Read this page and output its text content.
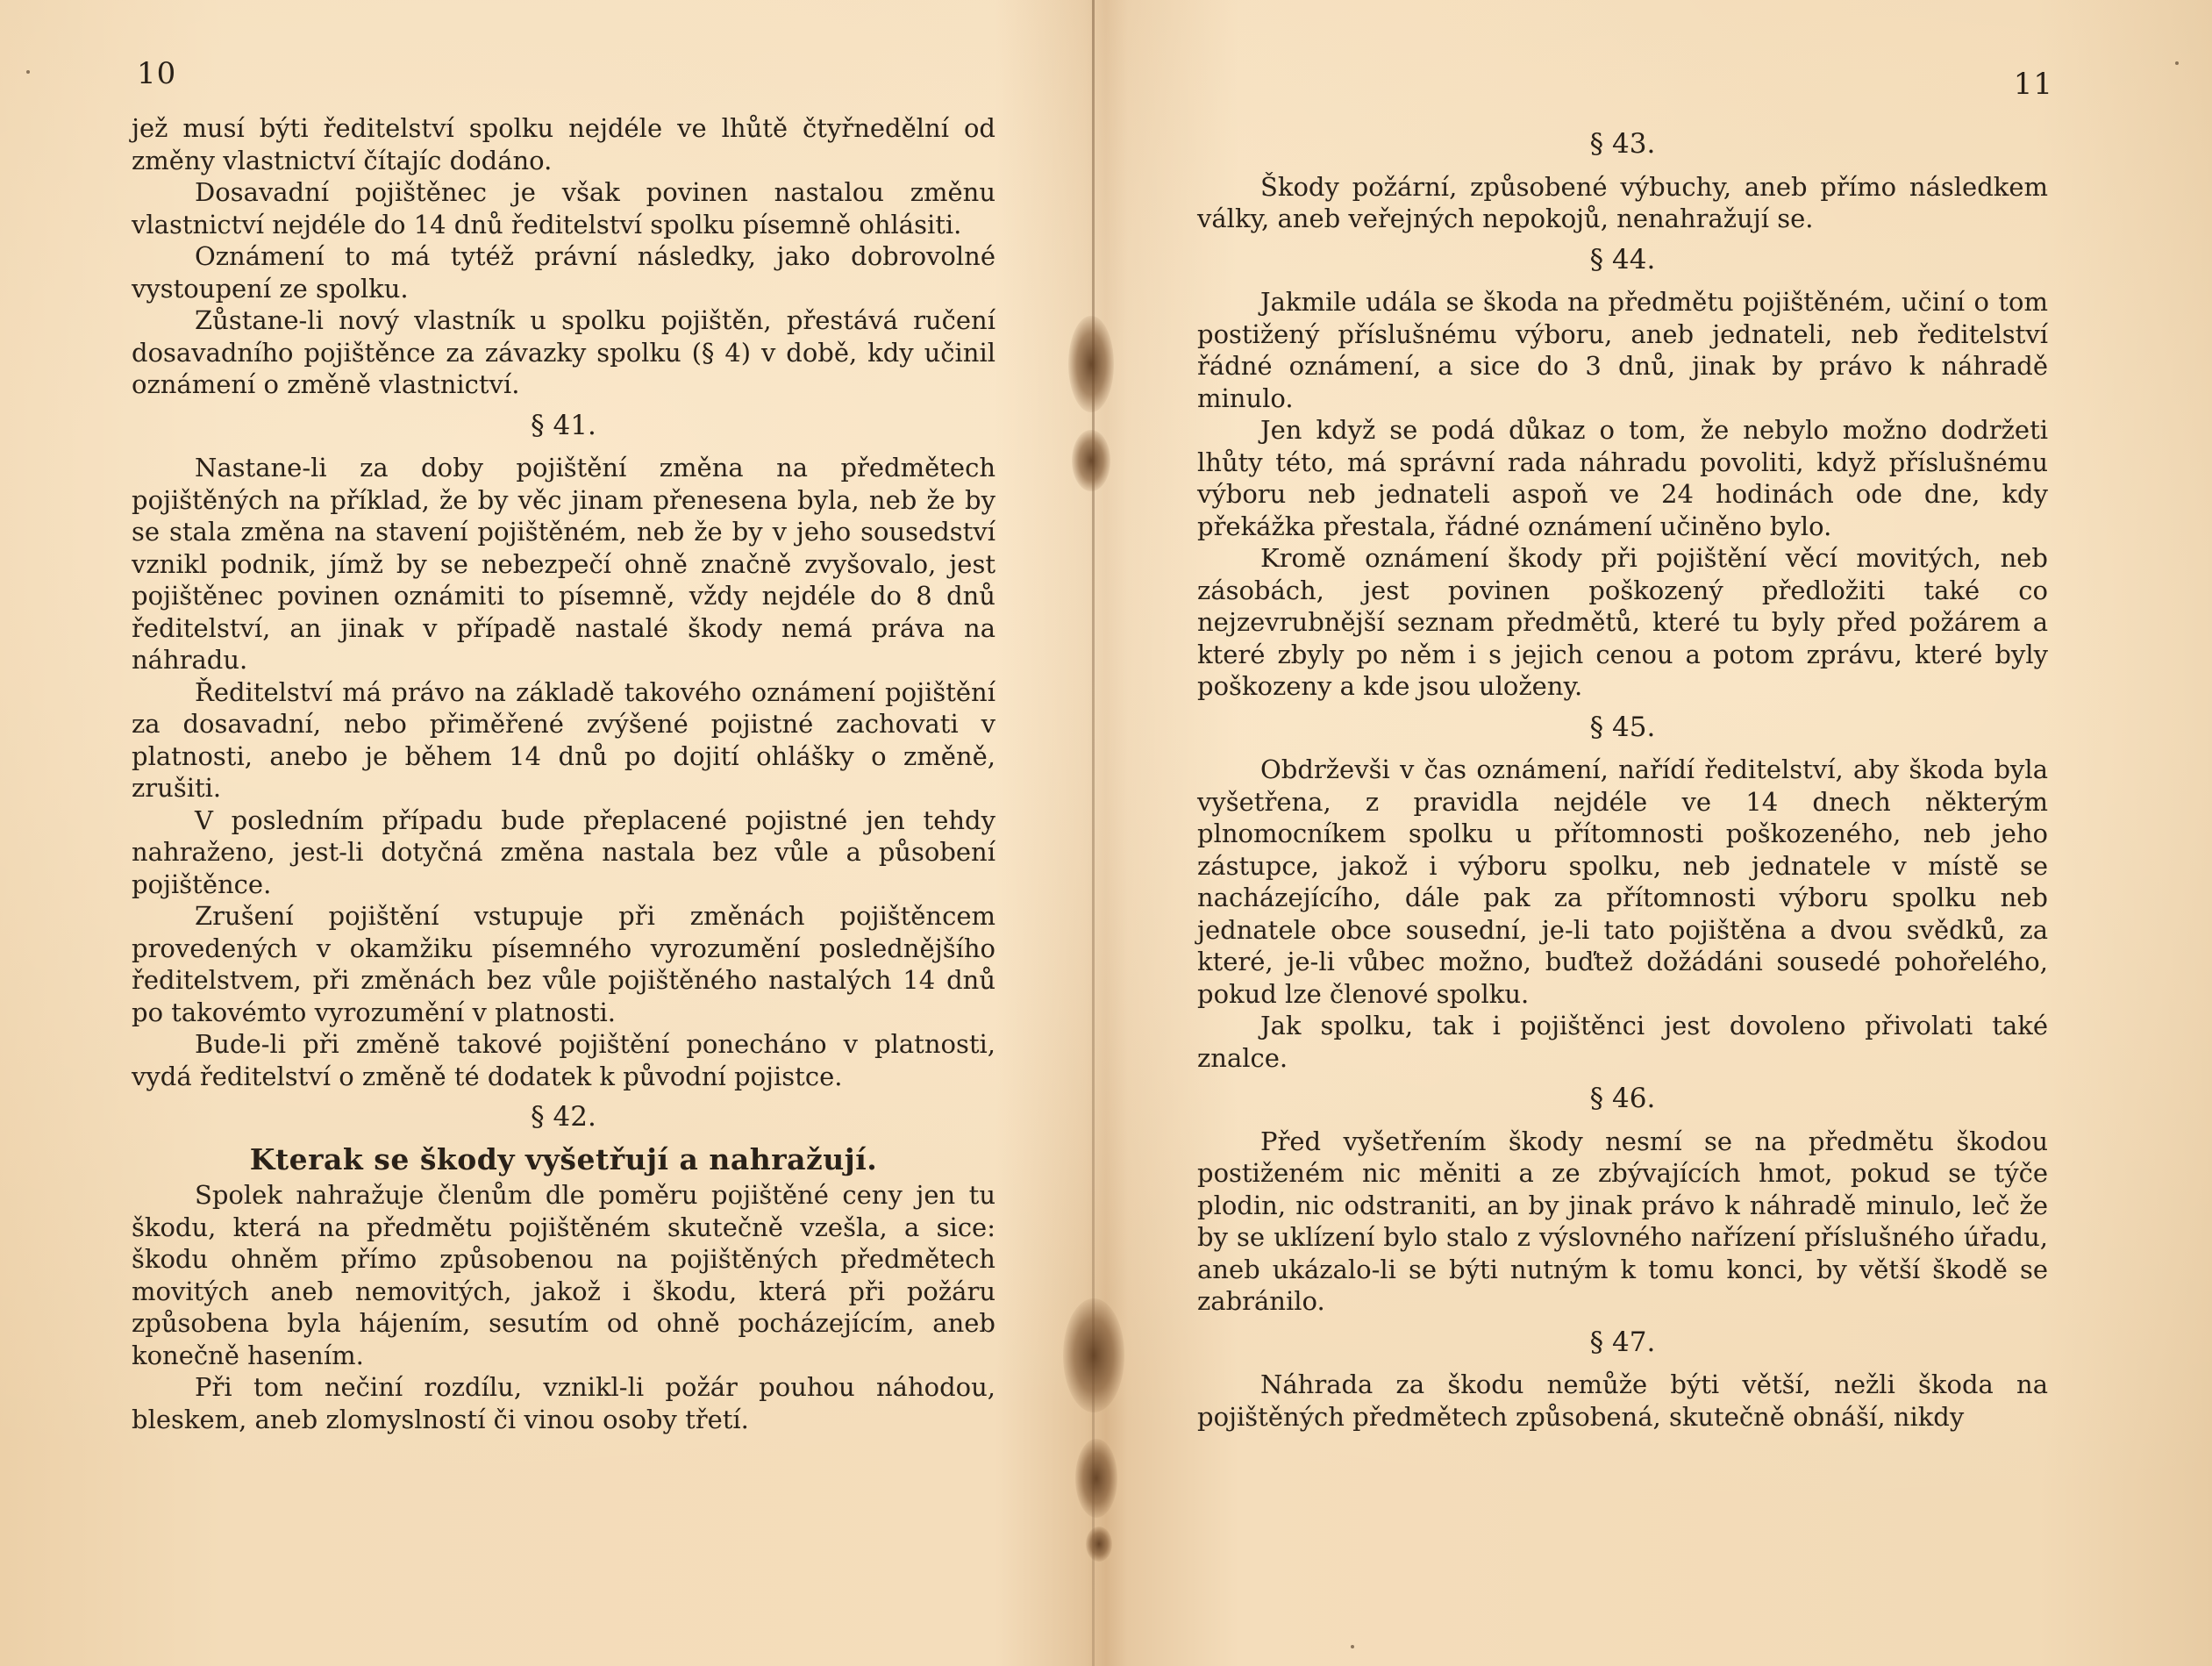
10

jež musí býti ředitelství spolku nejdéle ve lhůtě čtyřnedělní od změny vlastnictví čítajíc dodáno.

Dosavadní pojištěnec je však povinen nastalou změnu vlastnictví nejdéle do 14 dnů ředitelství spolku písemně ohlásiti.

Oznámení to má tytéž právní následky, jako dobrovolné vystoupení ze spolku.

Zůstane-li nový vlastník u spolku pojištěn, přestává ručení dosavadního pojištěnce za závazky spolku (§ 4) v době, kdy učinil oznámení o změně vlastnictví.

§ 41.

Nastane-li za doby pojištění změna na předmětech pojištěných na příklad, že by věc jinam přenesena byla, neb že by se stala změna na stavení pojištěném, neb že by v jeho sousedství vznikl podnik, jímž by se nebezpečí ohně značně zvyšovalo, jest pojištěnec povinen oznámiti to písemně, vždy nejdéle do 8 dnů ředitelství, an jinak v případě nastalé škody nemá práva na náhradu.

Ředitelství má právo na základě takového oznámení pojištění za dosavadní, nebo přiměřené zvýšené pojistné zachovati v platnosti, anebo je během 14 dnů po dojití ohlášky o změně, zrušiti.

V posledním případu bude přeplacené pojistné jen tehdy nahraženo, jest-li dotyčná změna nastala bez vůle a působení pojištěnce.

Zrušení pojištění vstupuje při změnách pojištěncem provedených v okamžiku písemného vyrozumění poslednějšího ředitelstvem, při změnách bez vůle pojištěného nastalých 14 dnů po takovémto vyrozumění v platnosti.

Bude-li při změně takové pojištění ponecháno v platnosti, vydá ředitelství o změně té dodatek k původní pojistce.

§ 42.
Kterak se škody vyšetřují a nahražují.

Spolek nahražuje členům dle poměru pojištěné ceny jen tu škodu, která na předmětu pojištěném skutečně vzešla, a sice: škodu ohněm přímo způsobenou na pojištěných předmětech movitých aneb nemovitých, jakož i škodu, která při požáru způsobena byla hájením, sesutím od ohně pocházejícím, aneb konečně hasením.

Při tom nečiní rozdílu, vznikl-li požár pouhou náhodou, bleskem, aneb zlomyslností či vinou osoby třetí.

11
§ 43.

Škody požární, způsobené výbuchy, aneb přímo následkem války, aneb veřejných nepokojů, nenahražují se.

§ 44.

Jakmile udála se škoda na předmětu pojištěném, učiní o tom postižený příslušnému výboru, aneb jednateli, neb ředitelství řádné oznámení, a sice do 3 dnů, jinak by právo k náhradě minulo.

Jen když se podá důkaz o tom, že nebylo možno dodržeti lhůty této, má správní rada náhradu povoliti, když příslušnému výboru neb jednateli aspoň ve 24 hodinách ode dne, kdy překážka přestala, řádné oznámení učiněno bylo.

Kromě oznámení škody při pojištění věcí movitých, neb zásobách, jest povinen poškozený předložiti také co nejzevrubnější seznam předmětů, které tu byly před požárem a které zbyly po něm i s jejich cenou a potom zprávu, které byly poškozeny a kde jsou uloženy.

§ 45.

Obdrževši v čas oznámení, nařídí ředitelství, aby škoda byla vyšetřena, z pravidla nejdéle ve 14 dnech některým plnomocníkem spolku u přítomnosti poškozeného, neb jeho zástupce, jakož i výboru spolku, neb jednatele v místě se nacházejícího, dále pak za přítomnosti výboru spolku neb jednatele obce sousední, je-li tato pojištěna a dvou svědků, za které, je-li vůbec možno, buďtež dožádáni sousedé pohořelého, pokud lze členové spolku.

Jak spolku, tak i pojištěnci jest dovoleno přivolati také znalce.

§ 46.

Před vyšetřením škody nesmí se na předmětu škodou postiženém nic měniti a ze zbývajících hmot, pokud se týče plodin, nic odstraniti, an by jinak právo k náhradě minulo, leč že by se uklízení bylo stalo z výslovného nařízení příslušného úřadu, aneb ukázalo-li se býti nutným k tomu konci, by větší škodě se zabránilo.

§ 47.

Náhrada za škodu nemůže býti větší, nežli škoda na pojištěných předmětech způsobená, skutečně obnáší, nikdy
